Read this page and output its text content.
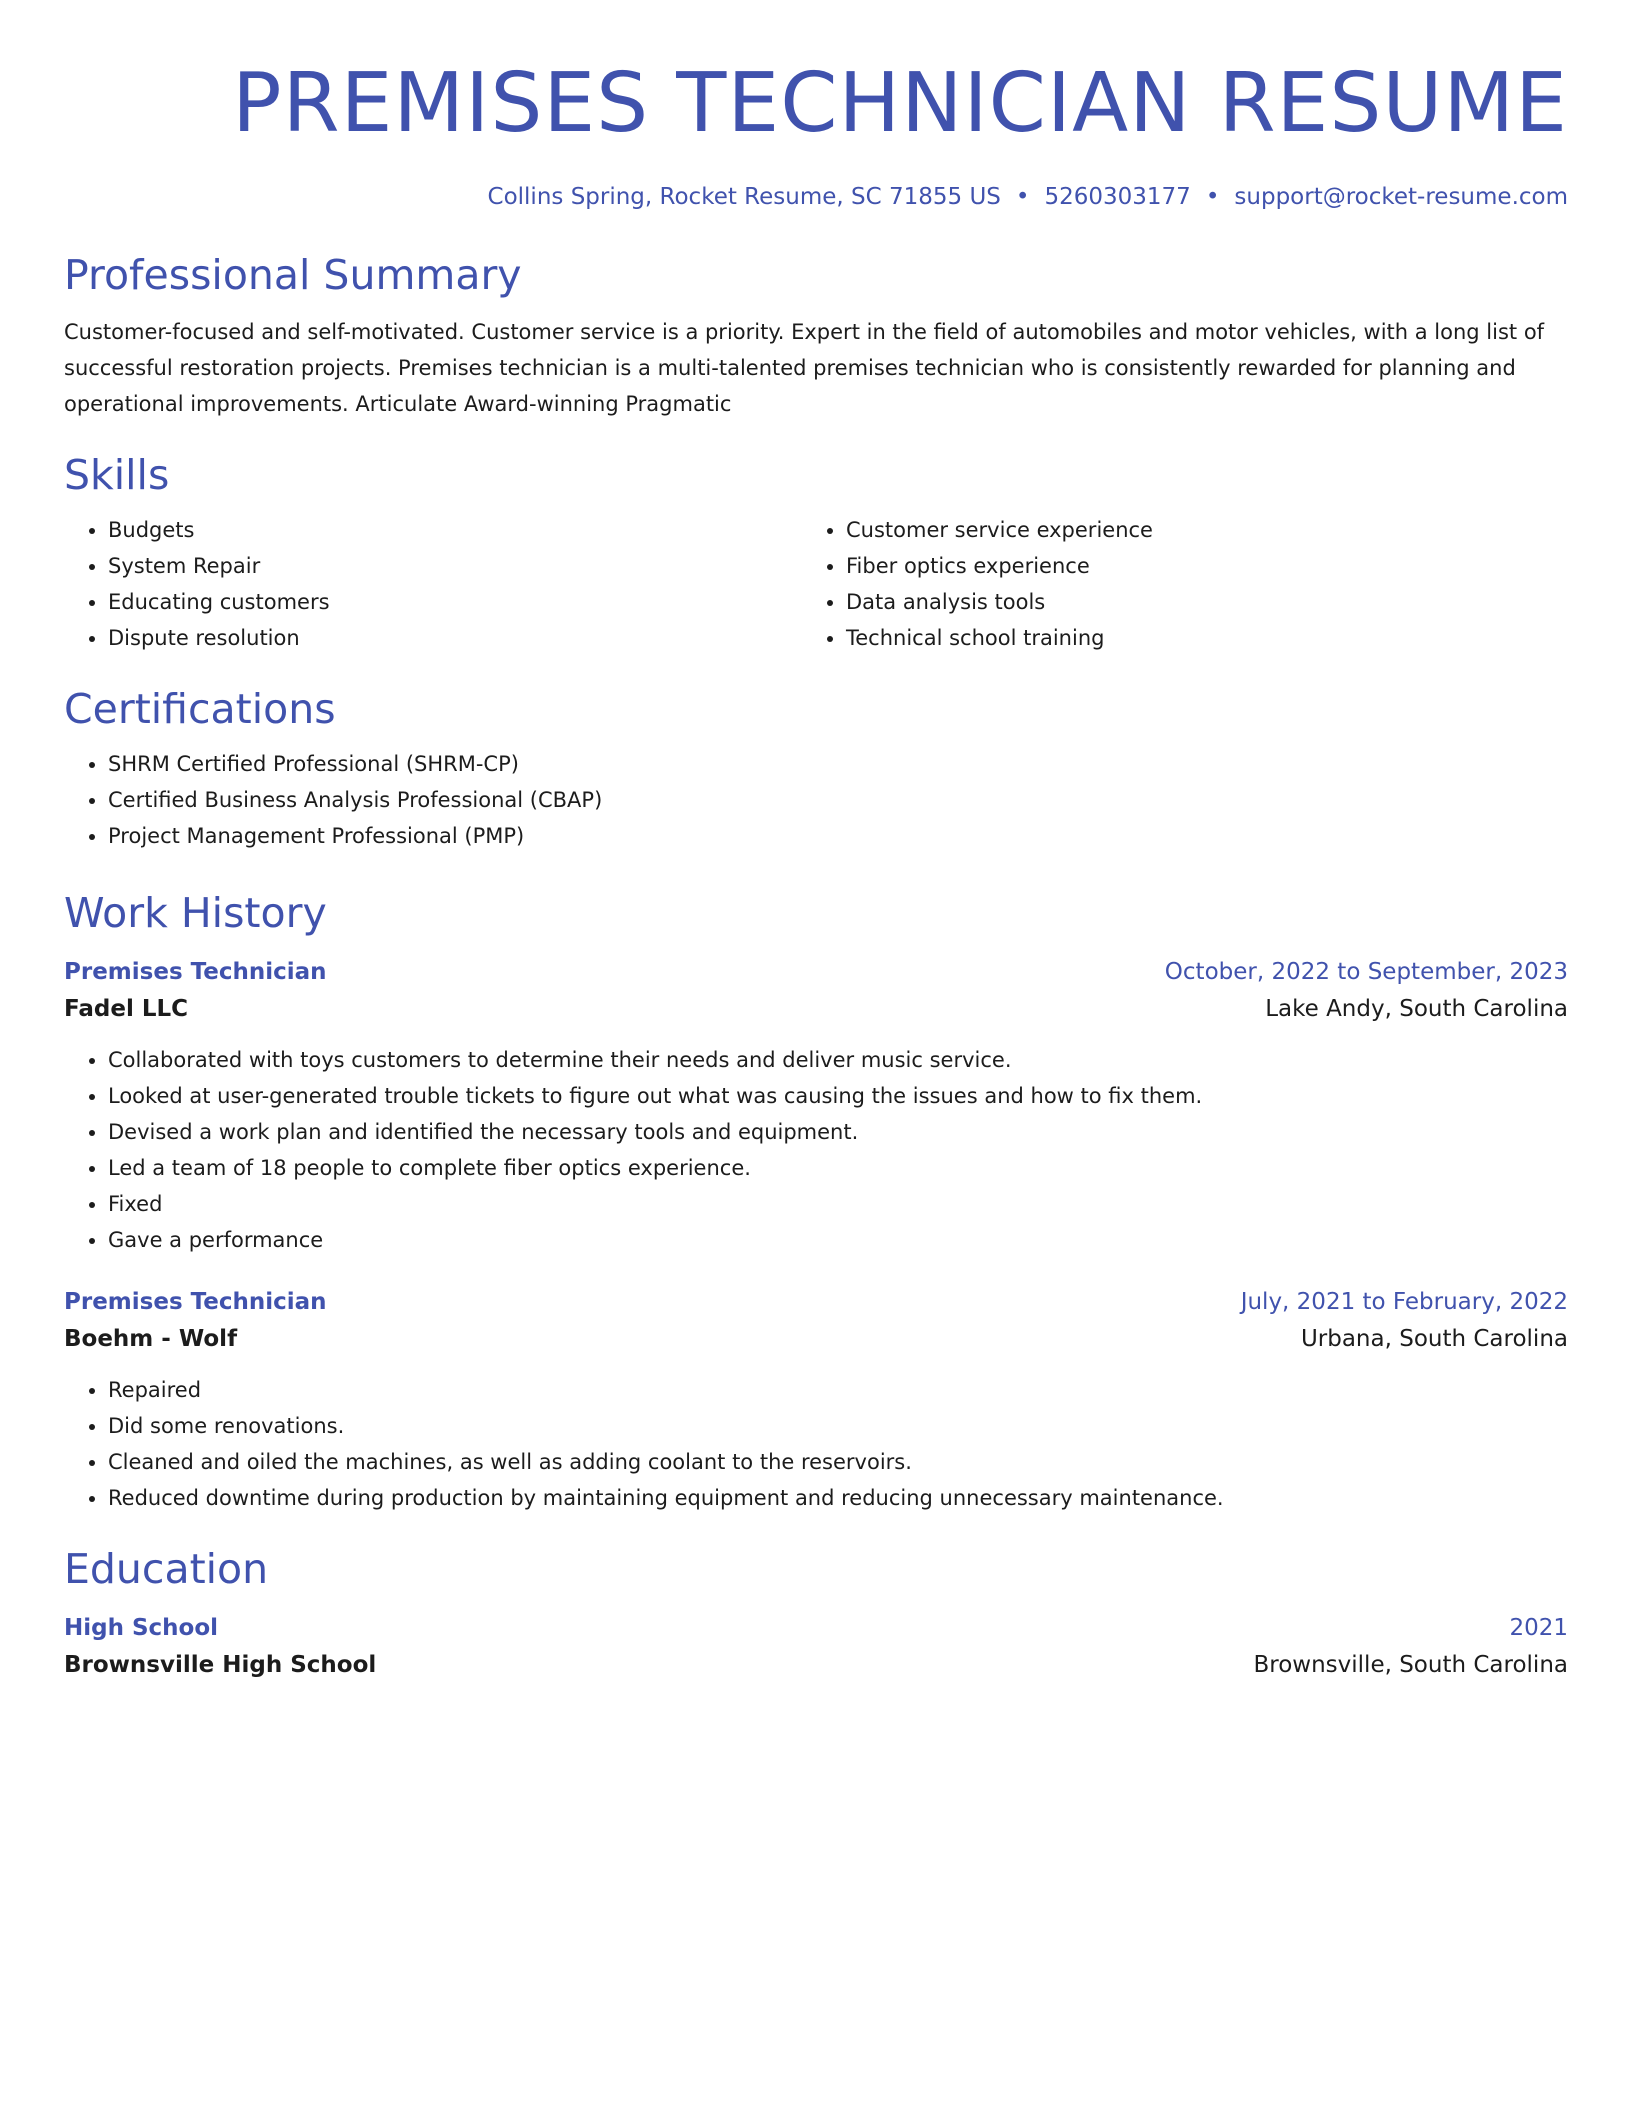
PREMISES TECHNICIAN RESUME
Collins Spring, Rocket Resume, SC 71855 US • 5260303177 • support@rocket-resume.com
Professional Summary
Customer-focused and self-motivated. Customer service is a priority. Expert in the field of automobiles and motor vehicles, with a long list of successful restoration projects. Premises technician is a multi-talented premises technician who is consistently rewarded for planning and operational improvements. Articulate Award-winning Pragmatic
Skills
• Budgets
• System Repair
• Educating customers
• Dispute resolution
• Customer service experience
• Fiber optics experience
• Data analysis tools
• Technical school training
Certifications
• SHRM Certified Professional (SHRM-CP)
• Certified Business Analysis Professional (CBAP)
• Project Management Professional (PMP)
Work History
Premises Technician	October, 2022 to September, 2023
Fadel LLC	Lake Andy, South Carolina
• Collaborated with toys customers to determine their needs and deliver music service.
• Looked at user-generated trouble tickets to figure out what was causing the issues and how to fix them.
• Devised a work plan and identified the necessary tools and equipment.
• Led a team of 18 people to complete fiber optics experience.
• Fixed
• Gave a performance
Premises Technician	July, 2021 to February, 2022
Boehm - Wolf	Urbana, South Carolina
• Repaired
• Did some renovations.
• Cleaned and oiled the machines, as well as adding coolant to the reservoirs.
• Reduced downtime during production by maintaining equipment and reducing unnecessary maintenance.
Education
High School	2021
Brownsville High School	Brownsville, South Carolina
